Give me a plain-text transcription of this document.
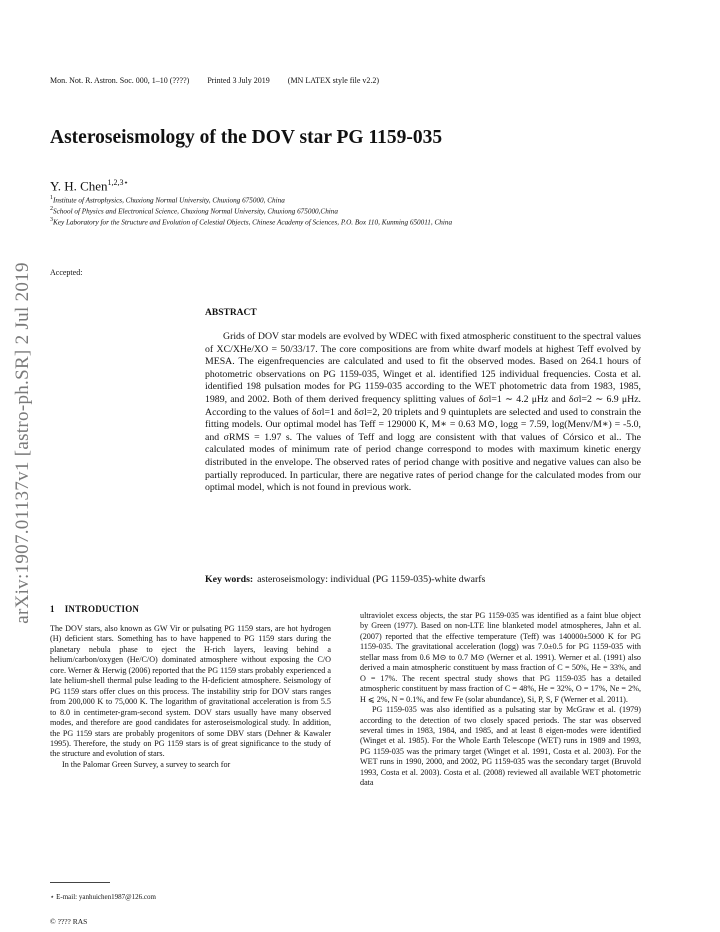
Mon. Not. R. Astron. Soc. 000, 1–10 (????) Printed 3 July 2019 (MN LATEX style file v2.2)
arXiv:1907.01137v1 [astro-ph.SR] 2 Jul 2019
Asteroseismology of the DOV star PG 1159-035
Y. H. Chen$^{1,2,3⋆}$
$^1$Institute of Astrophysics, Chuxiong Normal University, Chuxiong 675000, China
$^2$School of Physics and Electronical Science, Chuxiong Normal University, Chuxiong 675000,China
$^3$Key Laboratory for the Structure and Evolution of Celestial Objects, Chinese Academy of Sciences, P.O. Box 110, Kunming 650011, China
Accepted:
ABSTRACT

Grids of DOV star models are evolved by WDEC with fixed atmospheric constituent to the spectral values of XC/XHe/XO = 50/33/17. The core compositions are from white dwarf models at highest Teff evolved by MESA. The eigenfrequencies are calculated and used to fit the observed modes. Based on 264.1 hours of photometric observations on PG 1159-035, Winget et al. identified 125 individual frequencies. Costa et al. identified 198 pulsation modes for PG 1159-035 according to the WET photometric data from 1983, 1985, 1989, and 2002. Both of them derived frequency splitting values of δσl=1 ∼ 4.2 μHz and δσl=2 ∼ 6.9 μHz. According to the values of δσl=1 and δσl=2, 20 triplets and 9 quintuplets are selected and used to constrain the fitting models. Our optimal model has Teff = 129000 K, M∗ = 0.63 M⊙, logg = 7.59, log(Menv/M∗) = -5.0, and σRMS = 1.97 s. The values of Teff and logg are consistent with that values of Córsico et al.. The calculated modes of minimum rate of period change correspond to modes with maximum kinetic energy distributed in the envelope. The observed rates of period change with positive and negative values can also be partially reproduced. In particular, there are negative rates of period change for the calculated modes from our optimal model, which is not found in previous work.

Key words: asteroseismology: individual (PG 1159-035)-white dwarfs
1 INTRODUCTION

The DOV stars, also known as GW Vir or pulsating PG 1159 stars, are hot hydrogen (H) deficient stars. Something has to have happened to PG 1159 stars during the planetary nebula phase to eject the H-rich layers, leaving behind a helium/carbon/oxygen (He/C/O) dominated atmosphere without exposing the C/O core. Werner & Herwig (2006) reported that the PG 1159 stars probably experienced a late helium-shell thermal pulse leading to the H-deficient atmosphere. Seismology of PG 1159 stars offer clues on this process. The instability strip for DOV stars ranges from 200,000 K to 75,000 K. The logarithm of gravitational acceleration is from 5.5 to 8.0 in centimeter-gram-second system. DOV stars usually have many observed modes, and therefore are good candidates for asteroseismological study. In addition, the PG 1159 stars are probably progenitors of some DBV stars (Dehner & Kawaler 1995). Therefore, the study on PG 1159 stars is of great significance to the study of the structure and evolution of stars.

In the Palomar Green Survey, a survey to search for

ultraviolet excess objects, the star PG 1159-035 was identified as a faint blue object by Green (1977). Based on non-LTE line blanketed model atmospheres, Jahn et al. (2007) reported that the effective temperature (Teff) was 140000±5000 K for PG 1159-035. The gravitational acceleration (logg) was 7.0±0.5 for PG 1159-035 with stellar mass from 0.6 M⊙ to 0.7 M⊙ (Werner et al. 1991). Werner et al. (1991) also derived a main atmospheric constituent by mass fraction of C = 50%, He = 33%, and O = 17%. The recent spectral study shows that PG 1159-035 has a detailed atmospheric constituent by mass fraction of C = 48%, He = 32%, O = 17%, Ne = 2%, H ⩽ 2%, N = 0.1%, and few Fe (solar abundance), Si, P, S, F (Werner et al. 2011).

PG 1159-035 was also identified as a pulsating star by McGraw et al. (1979) according to the detection of two closely spaced periods. The star was observed several times in 1983, 1984, and 1985, and at least 8 eigen-modes were identified (Winget et al. 1985). For the Whole Earth Telescope (WET) runs in 1989 and 1993, PG 1159-035 was the primary target (Winget et al. 1991, Costa et al. 2003). For the WET runs in 1990, 2000, and 2002, PG 1159-035 was the secondary target (Bruvold 1993, Costa et al. 2003). Costa et al. (2008) reviewed all available WET photometric data

⋆ E-mail: yanhuichen1987@126.com
© ???? RAS
